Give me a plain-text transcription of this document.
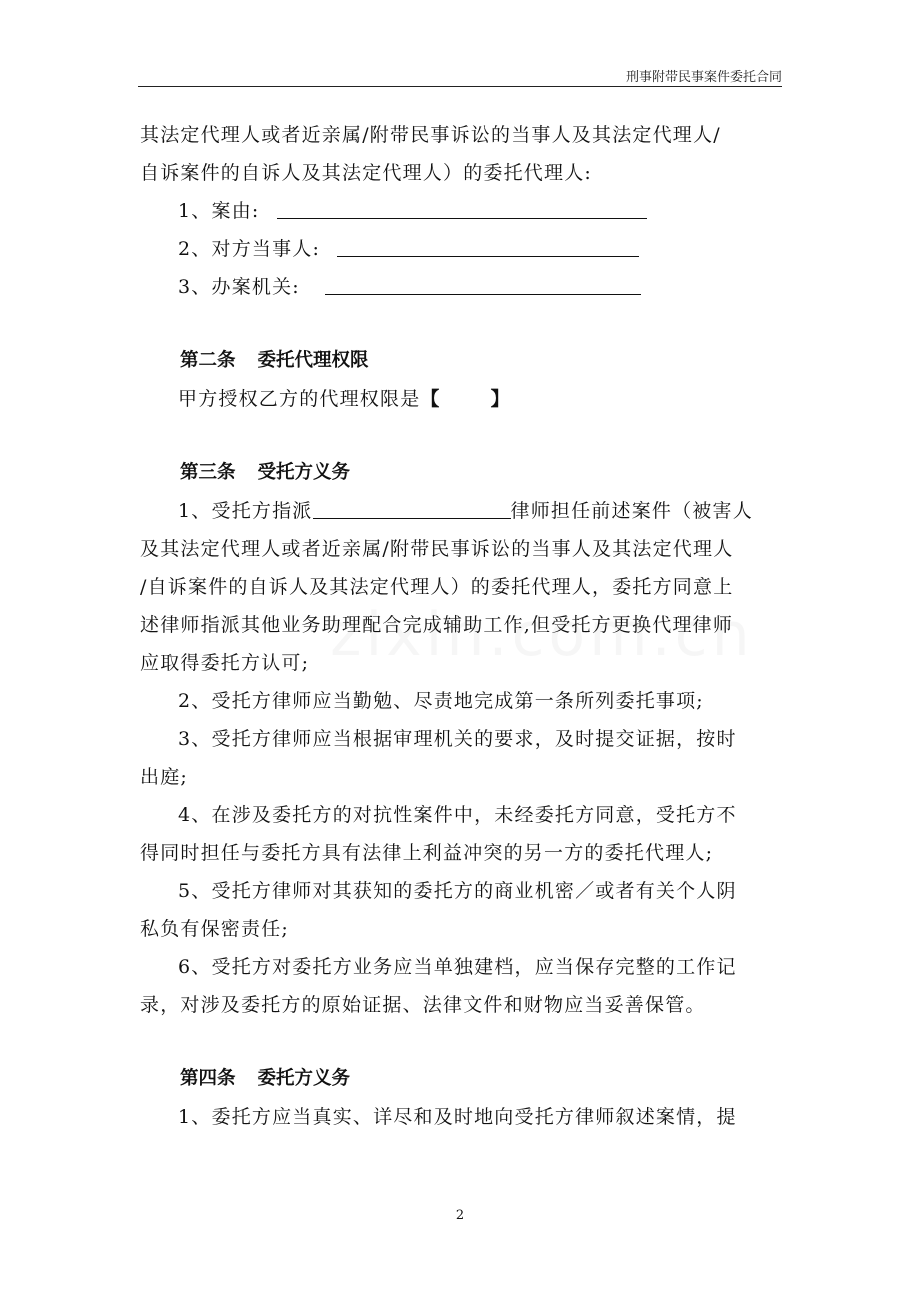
刑事附带民事案件委托合同
其法定代理人或者近亲属/附带民事诉讼的当事人及其法定代理人/
自诉案件的自诉人及其法定代理人）的委托代理人:
1、案由:
2、对方当事人:
3、办案机关:
第二条 委托代理权限
甲方授权乙方的代理权限是【	】
第三条 受托方义务
1、受托方指派	律师担任前述案件（被害人
及其法定代理人或者近亲属/附带民事诉讼的当事人及其法定代理人
/自诉案件的自诉人及其法定代理人）的委托代理人，委托方同意上
述律师指派其他业务助理配合完成辅助工作,但受托方更换代理律师
应取得委托方认可;
2、受托方律师应当勤勉、尽责地完成第一条所列委托事项;
3、受托方律师应当根据审理机关的要求，及时提交证据，按时
出庭;
4、在涉及委托方的对抗性案件中，未经委托方同意，受托方不
得同时担任与委托方具有法律上利益冲突的另一方的委托代理人;
5、受托方律师对其获知的委托方的商业机密／或者有关个人阴
私负有保密责任;
6、受托方对委托方业务应当单独建档，应当保存完整的工作记
录，对涉及委托方的原始证据、法律文件和财物应当妥善保管。
第四条 委托方义务
1、委托方应当真实、详尽和及时地向受托方律师叙述案情，提
2
